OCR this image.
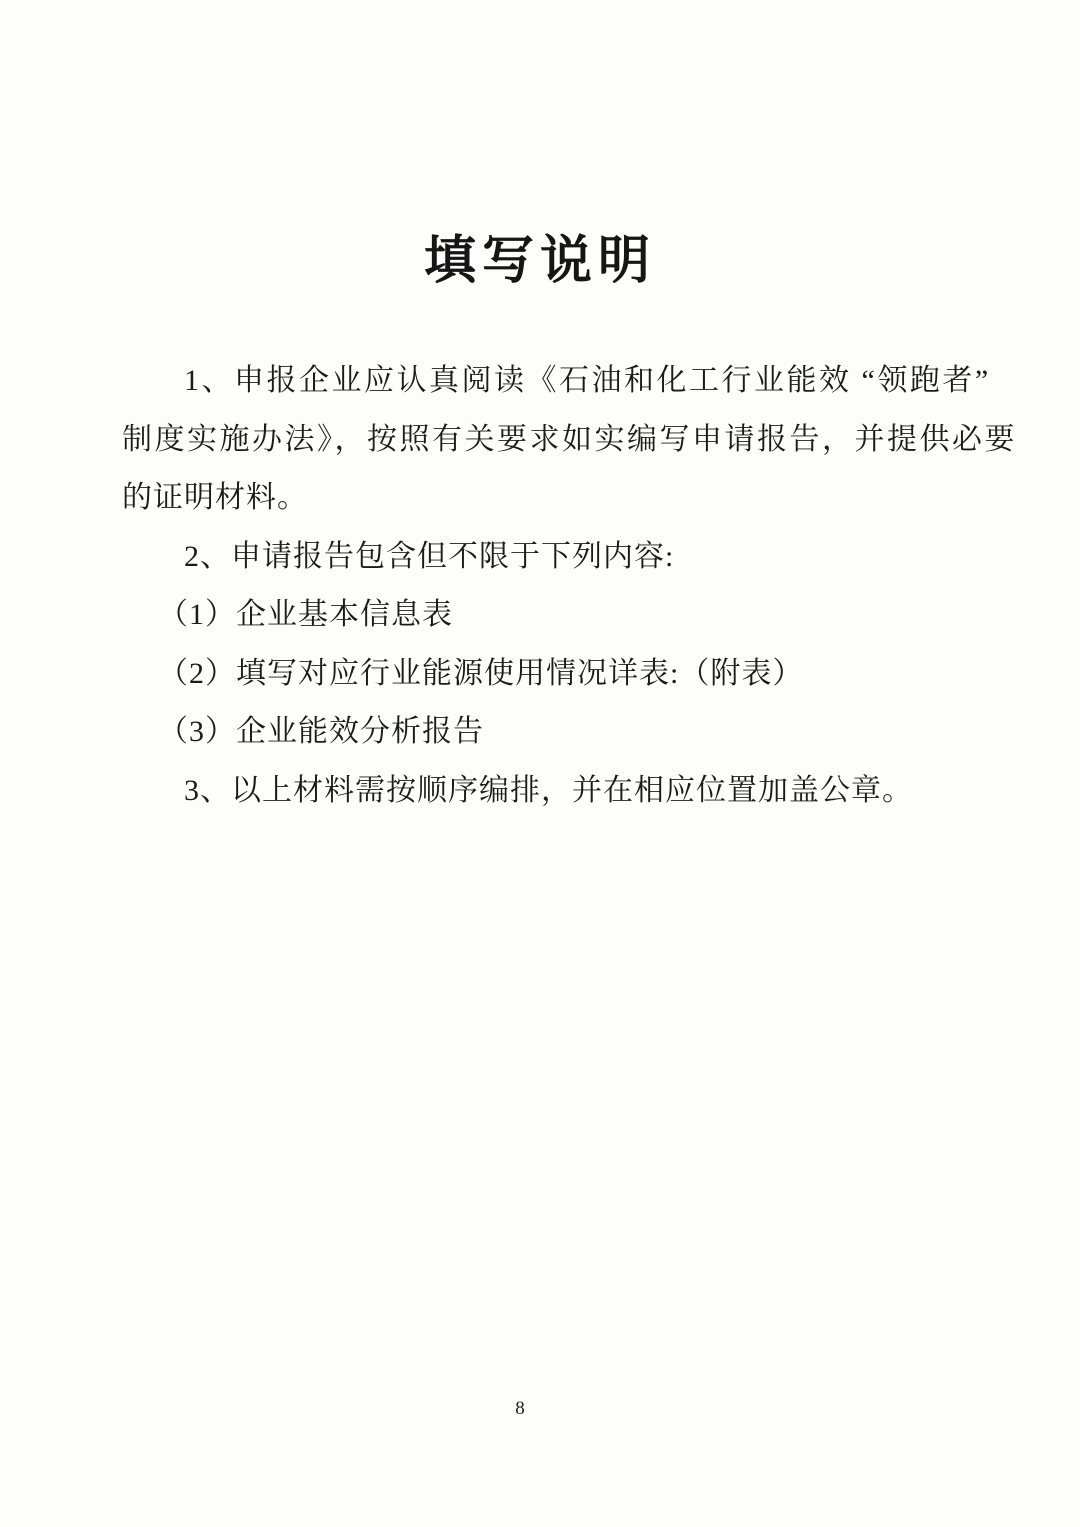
填写说明

1、申报企业应认真阅读《石油和化工行业能效 “领跑者”

制度实施办法》，按照有关要求如实编写申请报告，并提供必要

的证明材料。

2、申请报告包含但不限于下列内容:

（1）企业基本信息表

（2）填写对应行业能源使用情况详表:（附表）

（3）企业能效分析报告

3、以上材料需按顺序编排，并在相应位置加盖公章。

8
